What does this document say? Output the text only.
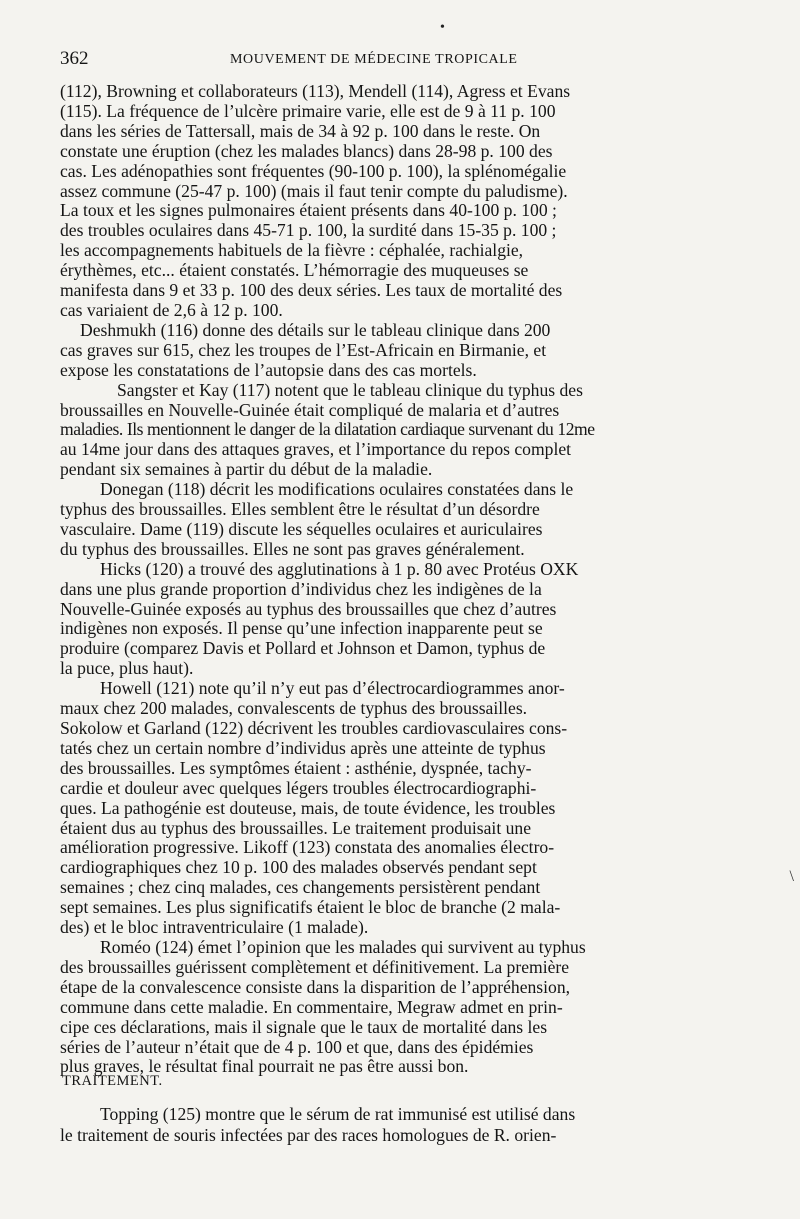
•
362	MOUVEMENT DE MÉDECINE TROPICALE

(112), Browning et collaborateurs (113), Mendell (114), Agress et Evans
(115). La fréquence de l’ulcère primaire varie, elle est de 9 à 11 p. 100
dans les séries de Tattersall, mais de 34 à 92 p. 100 dans le reste. On
constate une éruption (chez les malades blancs) dans 28-98 p. 100 des
cas. Les adénopathies sont fréquentes (90-100 p. 100), la splénomégalie
assez commune (25-47 p. 100) (mais il faut tenir compte du paludisme).
La toux et les signes pulmonaires étaient présents dans 40-100 p. 100 ;
des troubles oculaires dans 45-71 p. 100, la surdité dans 15-35 p. 100 ;
les accompagnements habituels de la fièvre : céphalée, rachialgie,
érythèmes, etc... étaient constatés. L’hémorragie des muqueuses se
manifesta dans 9 et 33 p. 100 des deux séries. Les taux de mortalité des
cas variaient de 2,6 à 12 p. 100.

Deshmukh (116) donne des détails sur le tableau clinique dans 200
cas graves sur 615, chez les troupes de l’Est-Africain en Birmanie, et
expose les constatations de l’autopsie dans des cas mortels.

Sangster et Kay (117) notent que le tableau clinique du typhus des
broussailles en Nouvelle-Guinée était compliqué de malaria et d’autres
maladies. Ils mentionnent le danger de la dilatation cardiaque survenant du 12me
au 14me jour dans des attaques graves, et l’importance du repos complet
pendant six semaines à partir du début de la maladie.

Donegan (118) décrit les modifications oculaires constatées dans le
typhus des broussailles. Elles semblent être le résultat d’un désordre
vasculaire. Dame (119) discute les séquelles oculaires et auriculaires
du typhus des broussailles. Elles ne sont pas graves généralement.

Hicks (120) a trouvé des agglutinations à 1 p. 80 avec Protéus OXK
dans une plus grande proportion d’individus chez les indigènes de la
Nouvelle-Guinée exposés au typhus des broussailles que chez d’autres
indigènes non exposés. Il pense qu’une infection inapparente peut se
produire (comparez Davis et Pollard et Johnson et Damon, typhus de
la puce, plus haut).

Howell (121) note qu’il n’y eut pas d’électrocardiogrammes anor-
maux chez 200 malades, convalescents de typhus des broussailles.
Sokolow et Garland (122) décrivent les troubles cardiovasculaires cons-
tatés chez un certain nombre d’individus après une atteinte de typhus
des broussailles. Les symptômes étaient : asthénie, dyspnée, tachy-
cardie et douleur avec quelques légers troubles électrocardiographi-
ques. La pathogénie est douteuse, mais, de toute évidence, les troubles
étaient dus au typhus des broussailles. Le traitement produisait une
amélioration progressive. Likoff (123) constata des anomalies électro-
cardiographiques chez 10 p. 100 des malades observés pendant sept
semaines ; chez cinq malades, ces changements persistèrent pendant
sept semaines. Les plus significatifs étaient le bloc de branche (2 mala-
des) et le bloc intraventriculaire (1 malade).

Roméo (124) émet l’opinion que les malades qui survivent au typhus
des broussailles guérissent complètement et définitivement. La première
étape de la convalescence consiste dans la disparition de l’appréhension,
commune dans cette maladie. En commentaire, Megraw admet en prin-
cipe ces déclarations, mais il signale que le taux de mortalité dans les
séries de l’auteur n’était que de 4 p. 100 et que, dans des épidémies
plus graves, le résultat final pourrait ne pas être aussi bon.

TRAITEMENT.
Topping (125) montre que le sérum de rat immunisé est utilisé dans
le traitement de souris infectées par des races homologues de R. orien-
\
